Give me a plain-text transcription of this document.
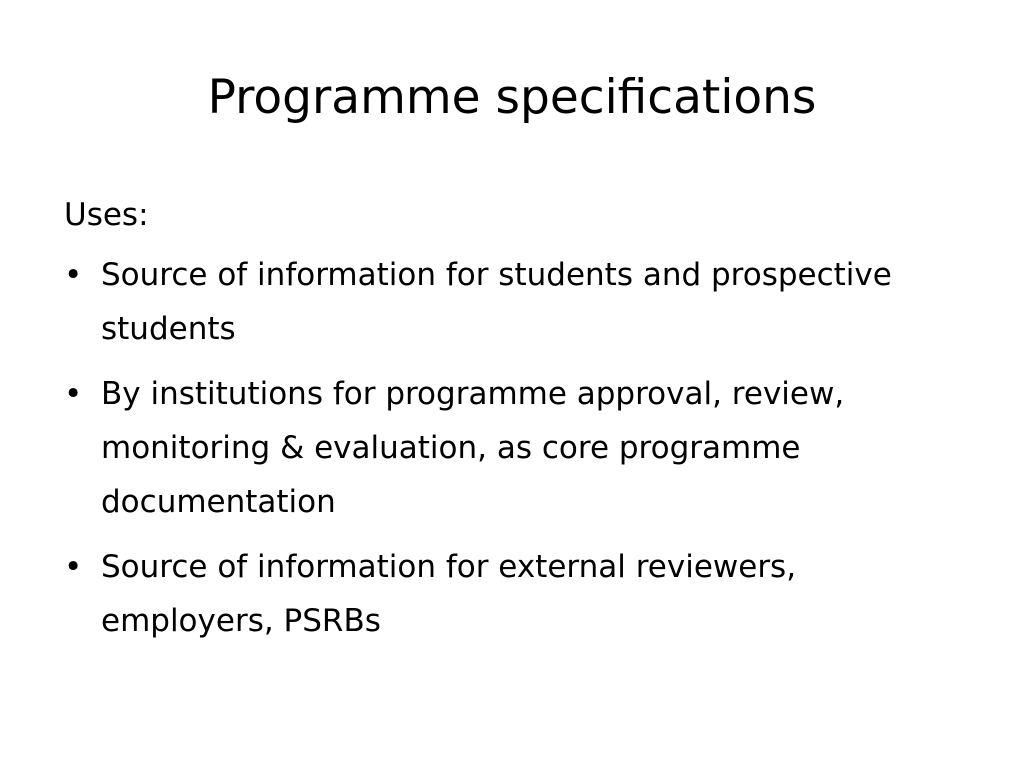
Programme specifications

Uses:

• Source of information for students and prospective students
• By institutions for programme approval, review, monitoring & evaluation, as core programme documentation
• Source of information for external reviewers, employers, PSRBs
